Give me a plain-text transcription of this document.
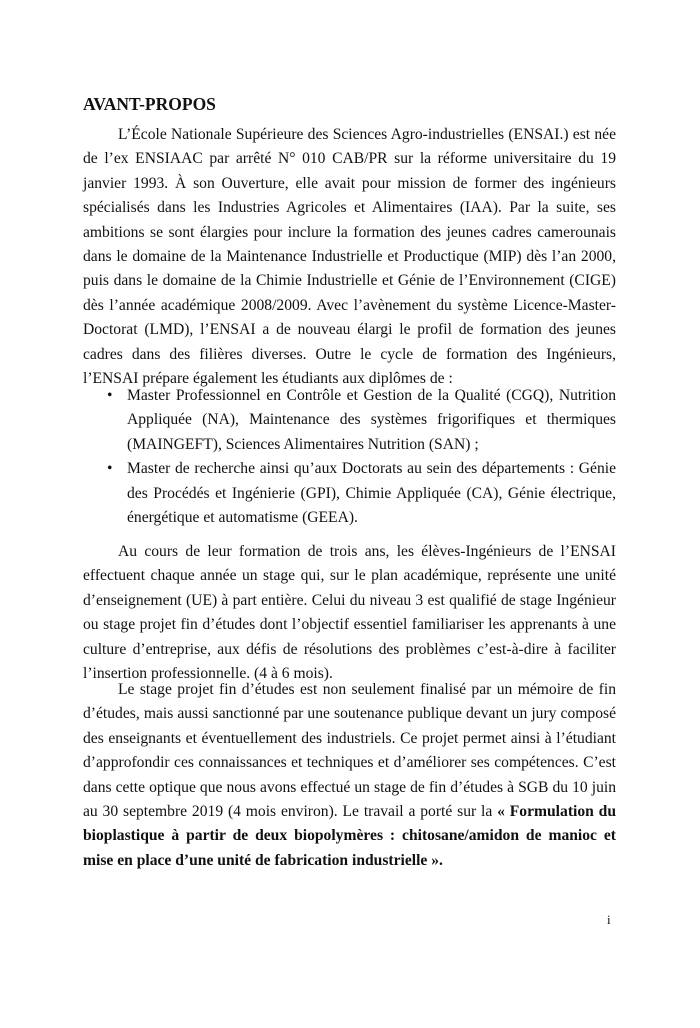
AVANT-PROPOS

L’École Nationale Supérieure des Sciences Agro-industrielles (ENSAI.) est née de l’ex ENSIAAC par arrêté N° 010 CAB/PR sur la réforme universitaire du 19 janvier 1993. À son Ouverture, elle avait pour mission de former des ingénieurs spécialisés dans les Industries Agricoles et Alimentaires (IAA). Par la suite, ses ambitions se sont élargies pour inclure la formation des jeunes cadres camerounais dans le domaine de la Maintenance Industrielle et Productique (MIP) dès l’an 2000, puis dans le domaine de la Chimie Industrielle et Génie de l’Environnement (CIGE) dès l’année académique 2008/2009. Avec l’avènement du système Licence-Master-Doctorat (LMD), l’ENSAI a de nouveau élargi le profil de formation des jeunes cadres dans des filières diverses. Outre le cycle de formation des Ingénieurs, l’ENSAI prépare également les étudiants aux diplômes de :

• Master Professionnel en Contrôle et Gestion de la Qualité (CGQ), Nutrition Appliquée (NA), Maintenance des systèmes frigorifiques et thermiques (MAINGEFT), Sciences Alimentaires Nutrition (SAN) ;
• Master de recherche ainsi qu’aux Doctorats au sein des départements : Génie des Procédés et Ingénierie (GPI), Chimie Appliquée (CA), Génie électrique, énergétique et automatisme (GEEA).

Au cours de leur formation de trois ans, les élèves-Ingénieurs de l’ENSAI effectuent chaque année un stage qui, sur le plan académique, représente une unité d’enseignement (UE) à part entière. Celui du niveau 3 est qualifié de stage Ingénieur ou stage projet fin d’études dont l’objectif essentiel familiariser les apprenants à une culture d’entreprise, aux défis de résolutions des problèmes c’est-à-dire à faciliter l’insertion professionnelle. (4 à 6 mois).

Le stage projet fin d’études est non seulement finalisé par un mémoire de fin d’études, mais aussi sanctionné par une soutenance publique devant un jury composé des enseignants et éventuellement des industriels. Ce projet permet ainsi à l’étudiant d’approfondir ces connaissances et techniques et d’améliorer ses compétences. C’est dans cette optique que nous avons effectué un stage de fin d’études à SGB du 10 juin au 30 septembre 2019 (4 mois environ). Le travail a porté sur la « Formulation du bioplastique à partir de deux biopolymères : chitosane/amidon de manioc et mise en place d’une unité de fabrication industrielle ».

i
